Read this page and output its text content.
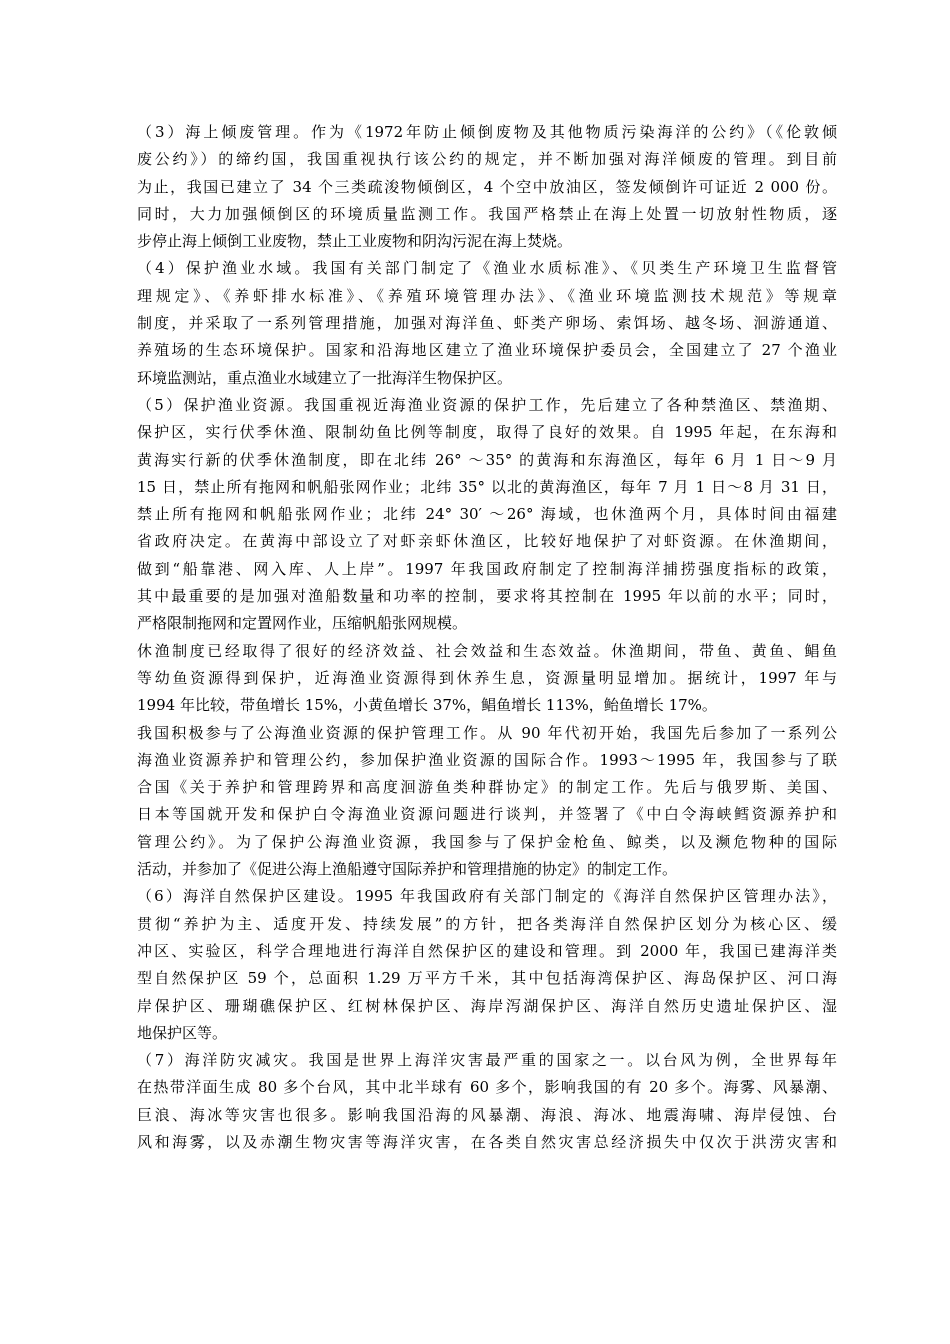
（3）海上倾废管理。作为《1972年防止倾倒废物及其他物质污染海洋的公约》（《伦敦倾
废公约》）的缔约国，我国重视执行该公约的规定，并不断加强对海洋倾废的管理。到目前
为止，我国已建立了 34 个三类疏浚物倾倒区，4 个空中放油区，签发倾倒许可证近 2 000 份。
同时，大力加强倾倒区的环境质量监测工作。我国严格禁止在海上处置一切放射性物质，逐
步停止海上倾倒工业废物，禁止工业废物和阴沟污泥在海上焚烧。
（4）保护渔业水域。我国有关部门制定了《渔业水质标准》、《贝类生产环境卫生监督管
理规定》、《养虾排水标准》、《养殖环境管理办法》、《渔业环境监测技术规范》等规章
制度，并采取了一系列管理措施，加强对海洋鱼、虾类产卵场、索饵场、越冬场、洄游通道、
养殖场的生态环境保护。国家和沿海地区建立了渔业环境保护委员会，全国建立了 27 个渔业
环境监测站，重点渔业水域建立了一批海洋生物保护区。
（5）保护渔业资源。我国重视近海渔业资源的保护工作，先后建立了各种禁渔区、禁渔期、
保护区，实行伏季休渔、限制幼鱼比例等制度，取得了良好的效果。自 1995 年起，在东海和
黄海实行新的伏季休渔制度，即在北纬 26° ～35° 的黄海和东海渔区，每年 6 月 1 日～9 月
15 日，禁止所有拖网和帆船张网作业；北纬 35° 以北的黄海渔区，每年 7 月 1 日～8 月 31 日，
禁止所有拖网和帆船张网作业；北纬 24° 30′ ～26° 海域，也休渔两个月，具体时间由福建
省政府决定。在黄海中部设立了对虾亲虾休渔区，比较好地保护了对虾资源。在休渔期间，
做到“船靠港、网入库、人上岸”。1997 年我国政府制定了控制海洋捕捞强度指标的政策，
其中最重要的是加强对渔船数量和功率的控制，要求将其控制在 1995 年以前的水平；同时，
严格限制拖网和定置网作业，压缩帆船张网规模。
休渔制度已经取得了很好的经济效益、社会效益和生态效益。休渔期间，带鱼、黄鱼、鲳鱼
等幼鱼资源得到保护，近海渔业资源得到休养生息，资源量明显增加。据统计，1997 年与
1994 年比较，带鱼增长 15%，小黄鱼增长 37%，鲳鱼增长 113%，鲐鱼增长 17%。
我国积极参与了公海渔业资源的保护管理工作。从 90 年代初开始，我国先后参加了一系列公
海渔业资源养护和管理公约，参加保护渔业资源的国际合作。1993～1995 年，我国参与了联
合国《关于养护和管理跨界和高度洄游鱼类种群协定》的制定工作。先后与俄罗斯、美国、
日本等国就开发和保护白令海渔业资源问题进行谈判，并签署了《中白令海峡鳕资源养护和
管理公约》。为了保护公海渔业资源，我国参与了保护金枪鱼、鲸类，以及濒危物种的国际
活动，并参加了《促进公海上渔船遵守国际养护和管理措施的协定》的制定工作。
（6）海洋自然保护区建设。1995 年我国政府有关部门制定的《海洋自然保护区管理办法》，
贯彻“养护为主、适度开发、持续发展”的方针，把各类海洋自然保护区划分为核心区、缓
冲区、实验区，科学合理地进行海洋自然保护区的建设和管理。到 2000 年，我国已建海洋类
型自然保护区 59 个，总面积 1.29 万平方千米，其中包括海湾保护区、海岛保护区、河口海
岸保护区、珊瑚礁保护区、红树林保护区、海岸泻湖保护区、海洋自然历史遗址保护区、湿
地保护区等。
（7）海洋防灾减灾。我国是世界上海洋灾害最严重的国家之一。以台风为例，全世界每年
在热带洋面生成 80 多个台风，其中北半球有 60 多个，影响我国的有 20 多个。海雾、风暴潮、
巨浪、海冰等灾害也很多。影响我国沿海的风暴潮、海浪、海冰、地震海啸、海岸侵蚀、台
风和海雾，以及赤潮生物灾害等海洋灾害，在各类自然灾害总经济损失中仅次于洪涝灾害和
